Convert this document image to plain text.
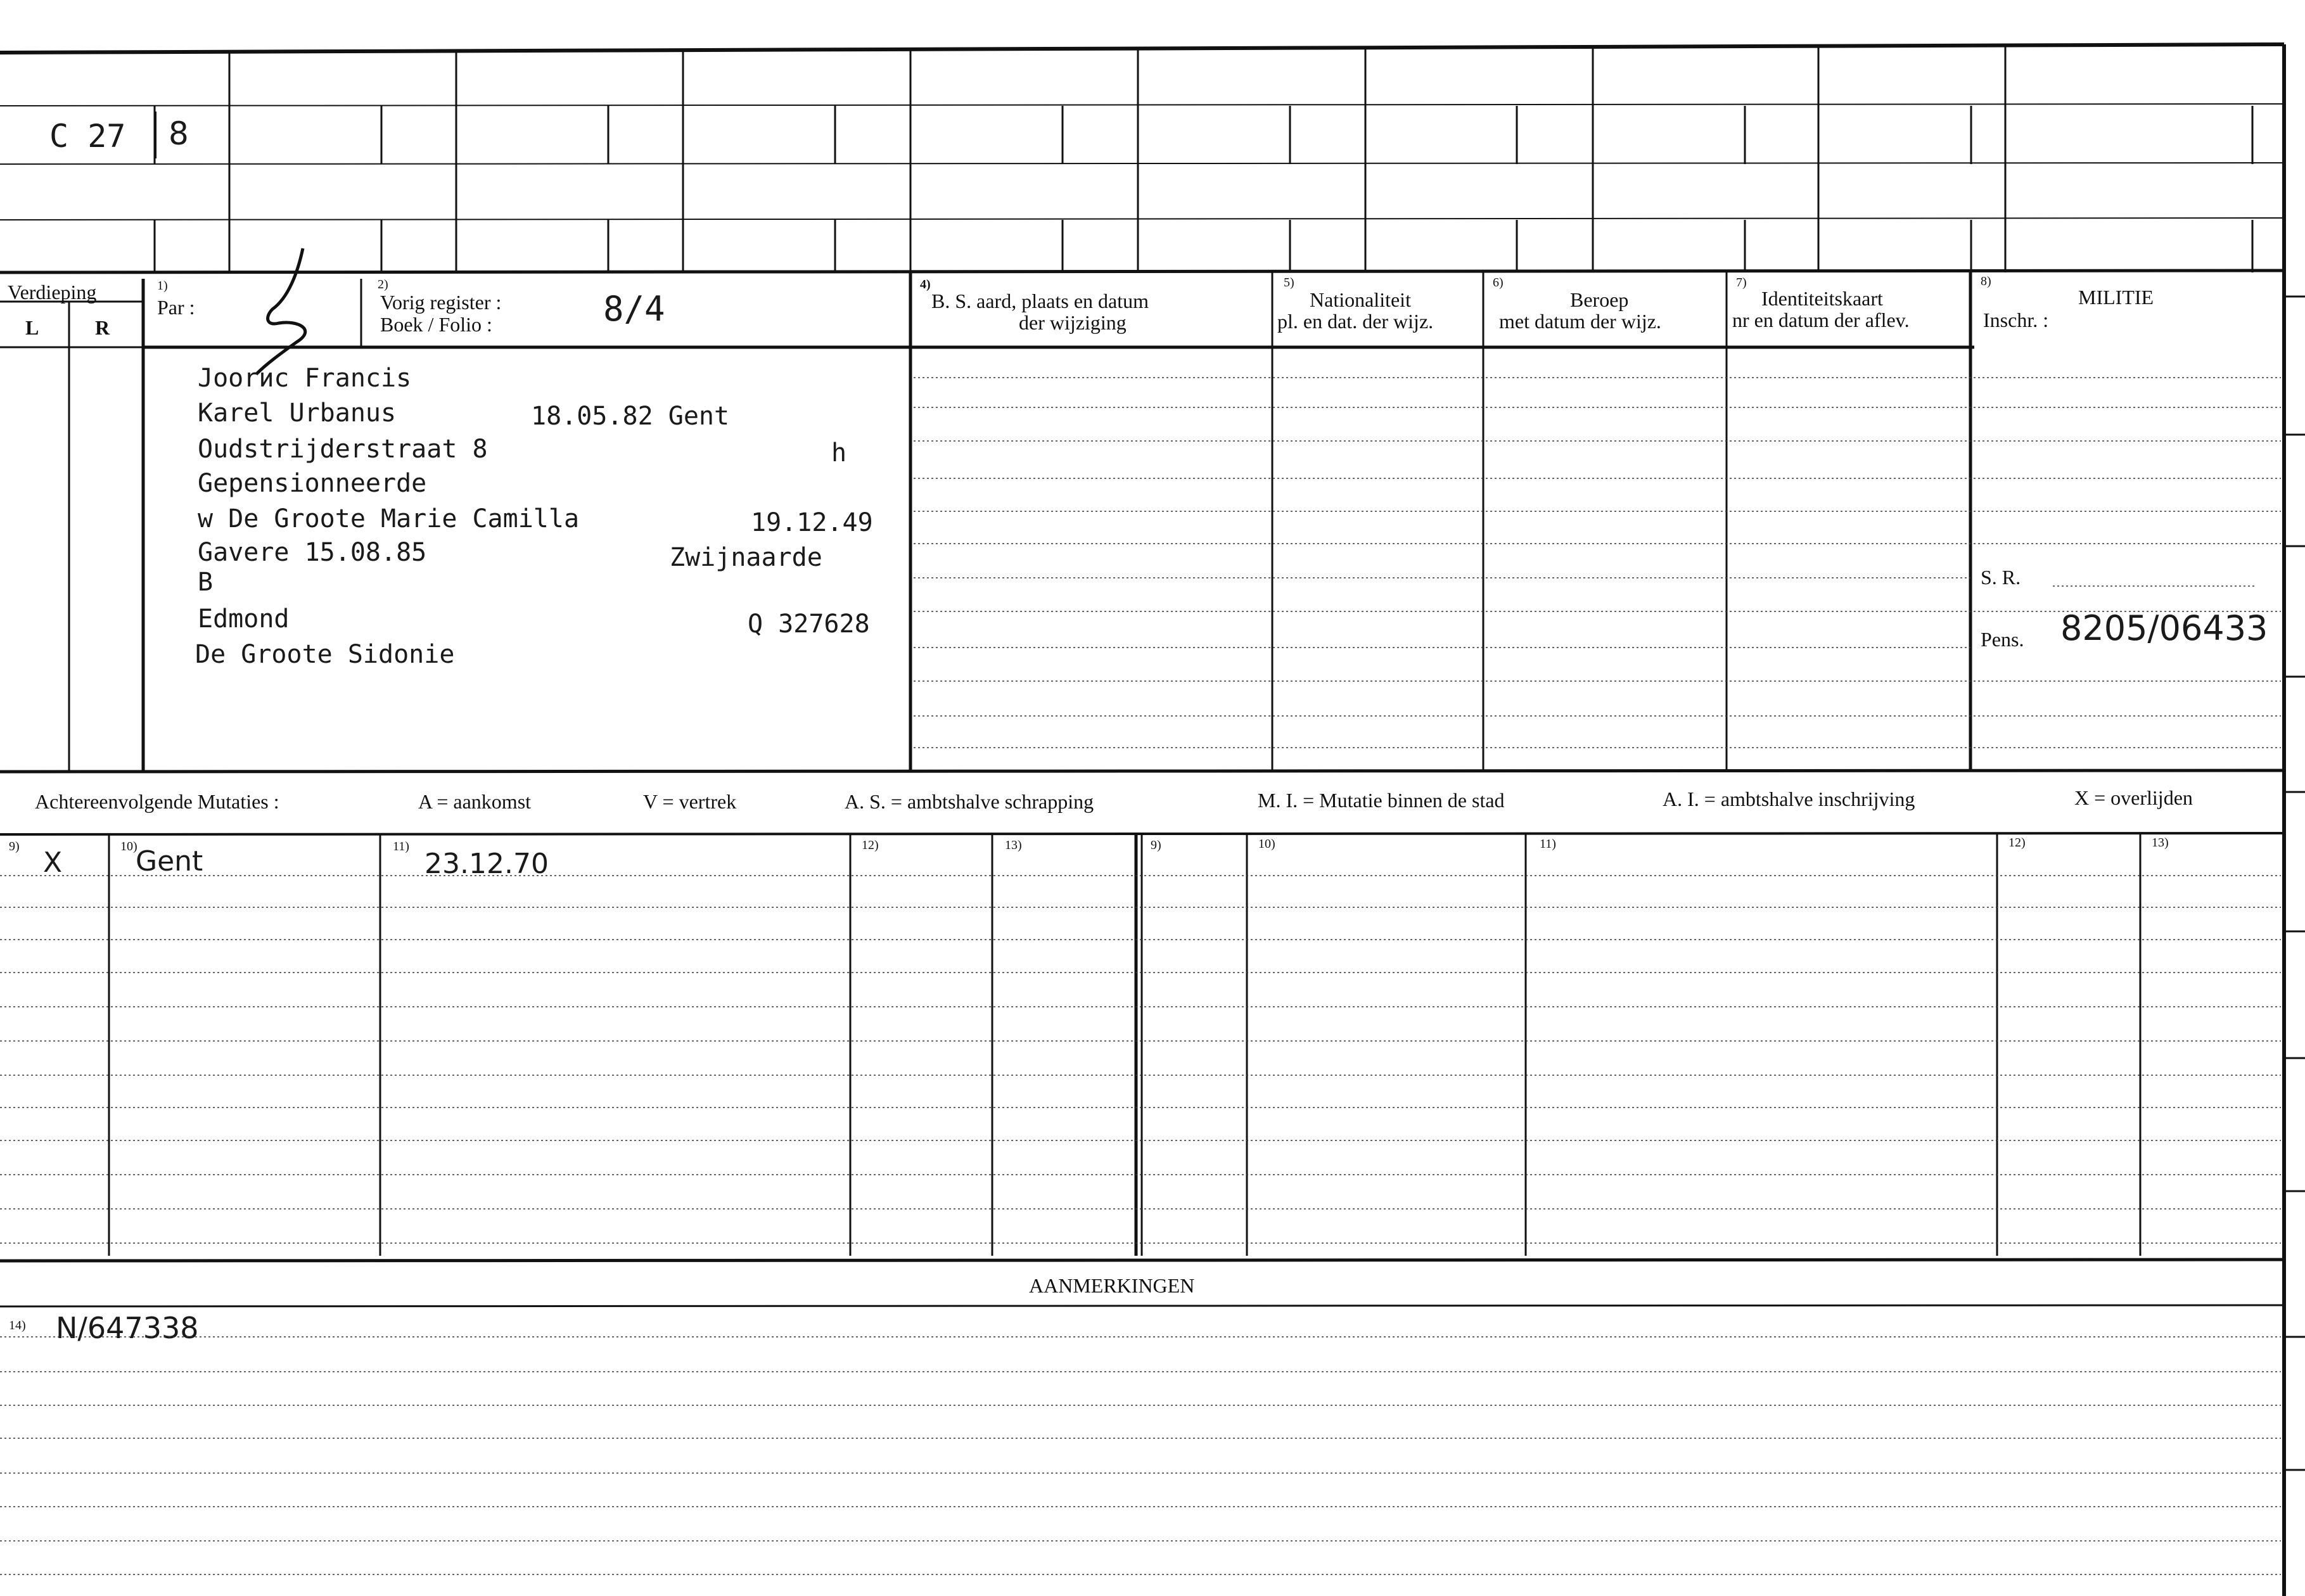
C 27 8
Verdieping
L	R
1)
Par :
2)
Vorig register :
Boek / Folio :	8/4
4)
B. S. aard, plaats en datum
der wijziging
5)
Nationaliteit
pl. en dat. der wijz.
6)
Beroep
met datum der wijz.
7)
Identiteitskaart
nr en datum der aflev.
8)
MILITIE
Inschr. :
S. R.
Pens. 8205/06433
Joorис Francis
Karel Urbanus	18.05.82 Gent
Oudstrijderstraat 8	h
Gepensionneerde
w De Groote Marie Camilla	19.12.49
Gavere 15.08.85	Zwijnaarde
B
Edmond	Q 327628
De Groote Sidonie
Achtereenvolgende Mutaties :	A = aankomst	V = vertrek	A. S. = ambtshalve schrapping	M. I. = Mutatie binnen de stad	A. I. = ambtshalve inschrijving	X = overlijden
9)	10)	11)	12)	13)	9)	10)	11)	12)	13)
X	Gent	23.12.70
AANMERKINGEN
14) N/647338
